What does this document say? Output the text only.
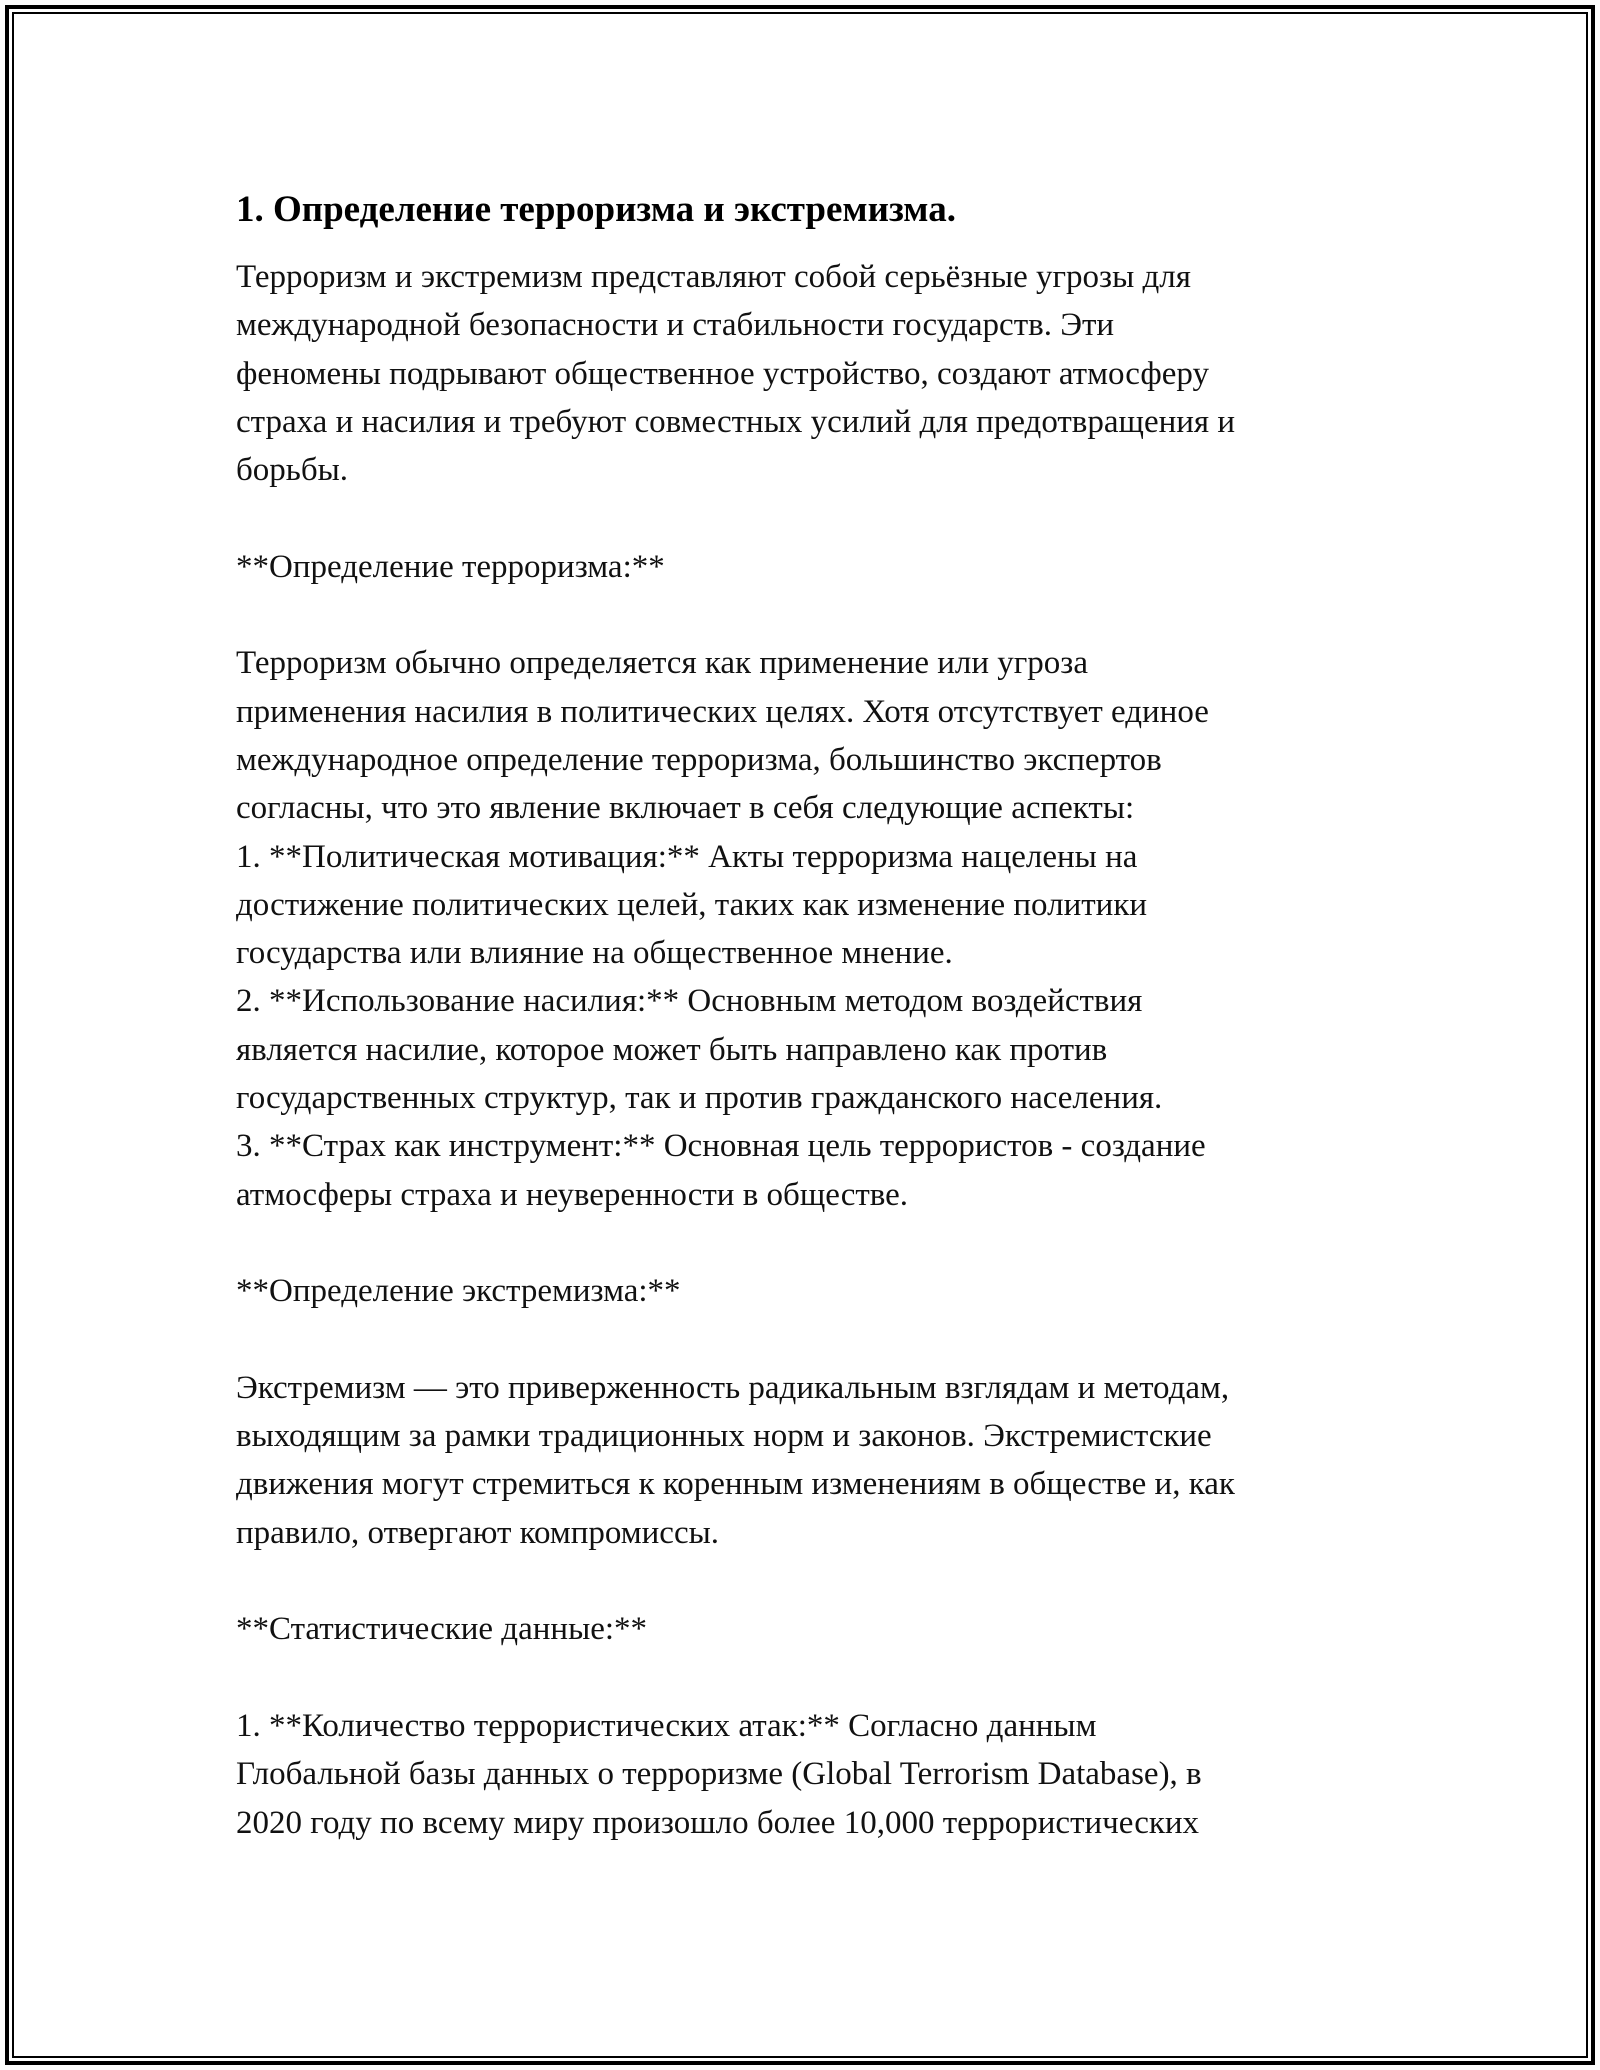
1. Определение терроризма и экстремизма.

Терроризм и экстремизм представляют собой серьёзные угрозы для
международной безопасности и стабильности государств. Эти
феномены подрывают общественное устройство, создают атмосферу
страха и насилия и требуют совместных усилий для предотвращения и
борьбы.

**Определение терроризма:**

Терроризм обычно определяется как применение или угроза
применения насилия в политических целях. Хотя отсутствует единое
международное определение терроризма, большинство экспертов
согласны, что это явление включает в себя следующие аспекты:

1. **Политическая мотивация:** Акты терроризма нацелены на
достижение политических целей, таких как изменение политики
государства или влияние на общественное мнение.

2. **Использование насилия:** Основным методом воздействия
является насилие, которое может быть направлено как против
государственных структур, так и против гражданского населения.

3. **Страх как инструмент:** Основная цель террористов - создание
атмосферы страха и неуверенности в обществе.

**Определение экстремизма:**

Экстремизм — это приверженность радикальным взглядам и методам,
выходящим за рамки традиционных норм и законов. Экстремистские
движения могут стремиться к коренным изменениям в обществе и, как
правило, отвергают компромиссы.

**Статистические данные:**

1. **Количество террористических атак:** Согласно данным
Глобальной базы данных о терроризме (Global Terrorism Database), в
2020 году по всему миру произошло более 10,000 террористических
